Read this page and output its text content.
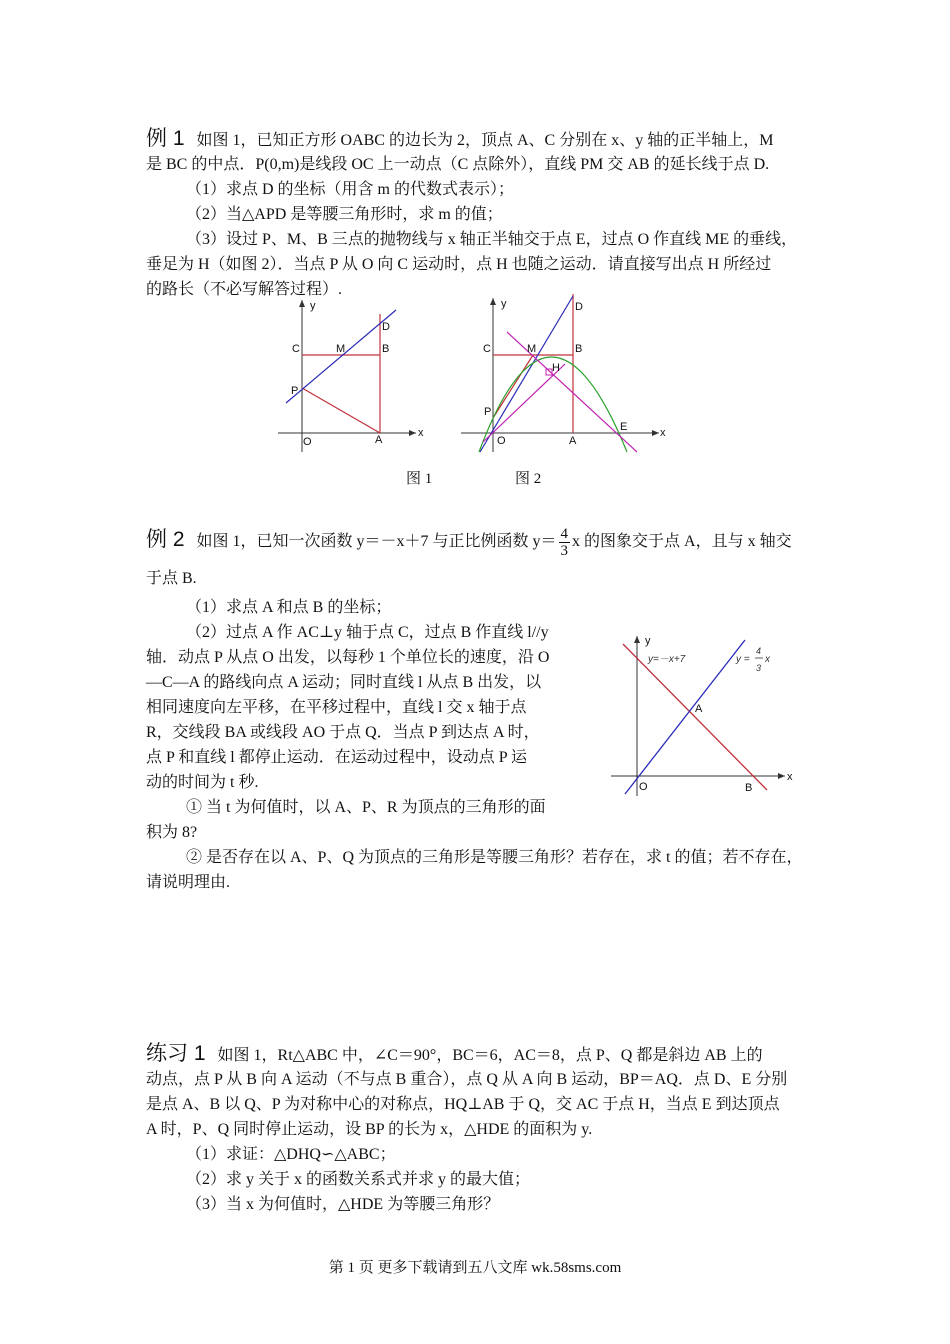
例 1 如图 1，已知正方形 OABC 的边长为 2，顶点 A、C 分别在 x、y 轴的正半轴上，M

是 BC 的中点．P(0,m)是线段 OC 上一动点（C 点除外），直线 PM 交 AB 的延长线于点 D.

（1）求点 D 的坐标（用含 m 的代数式表示）；

（2）当△APD 是等腰三角形时，求 m 的值；

（3）设过 P、M、B 三点的抛物线与 x 轴正半轴交于点 E，过点 O 作直线 ME 的垂线，

垂足为 H（如图 2）．当点 P 从 O 向 C 运动时，点 H 也随之运动．请直接写出点 H 所经过

的路长（不必写解答过程）.

y
x
O	A
C	B
D
M
P
y
x
O	A
C	B
D
M
P
H
E
图 1	图 2

例 2 如图 1，已知一次函数 y＝－x＋7 与正比例函数 $y= \frac{4}{3}$ x 的图象交于点 A，且与 x 轴交

于点 B.

（1）求点 A 和点 B 的坐标；

（2）过点 A 作 AC⊥y 轴于点 C，过点 B 作直线 l//y

轴．动点 P 从点 O 出发，以每秒 1 个单位长的速度，沿 O

—C—A 的路线向点 A 运动；同时直线 l 从点 B 出发，以

相同速度向左平移，在平移过程中，直线 l 交 x 轴于点

R，交线段 BA 或线段 AO 于点 Q．当点 P 到达点 A 时，

点 P 和直线 l 都停止运动．在运动过程中，设动点 P 运

动的时间为 t 秒.

① 当 t 为何值时，以 A、P、R 为顶点的三角形的面

积为 8?

② 是否存在以 A、P、Q 为顶点的三角形是等腰三角形？若存在，求 t 的值；若不存在，

请说明理由.

y
x
O	B
A
y=－x+7	y =
4
3
x

练习 1 如图 1，Rt△ABC 中，∠C＝90°，BC＝6，AC＝8，点 P、Q 都是斜边 AB 上的

动点，点 P 从 B 向 A 运动（不与点 B 重合），点 Q 从 A 向 B 运动，BP＝AQ．点 D、E 分别

是点 A、B 以 Q、P 为对称中心的对称点，HQ⊥AB 于 Q，交 AC 于点 H，当点 E 到达顶点

A 时，P、Q 同时停止运动，设 BP 的长为 x，△HDE 的面积为 y.

（1）求证：△DHQ∽△ABC；

（2）求 y 关于 x 的函数关系式并求 y 的最大值；

（3）当 x 为何值时，△HDE 为等腰三角形？

第 1 页 更多下载请到五八文库 wk.58sms.com
